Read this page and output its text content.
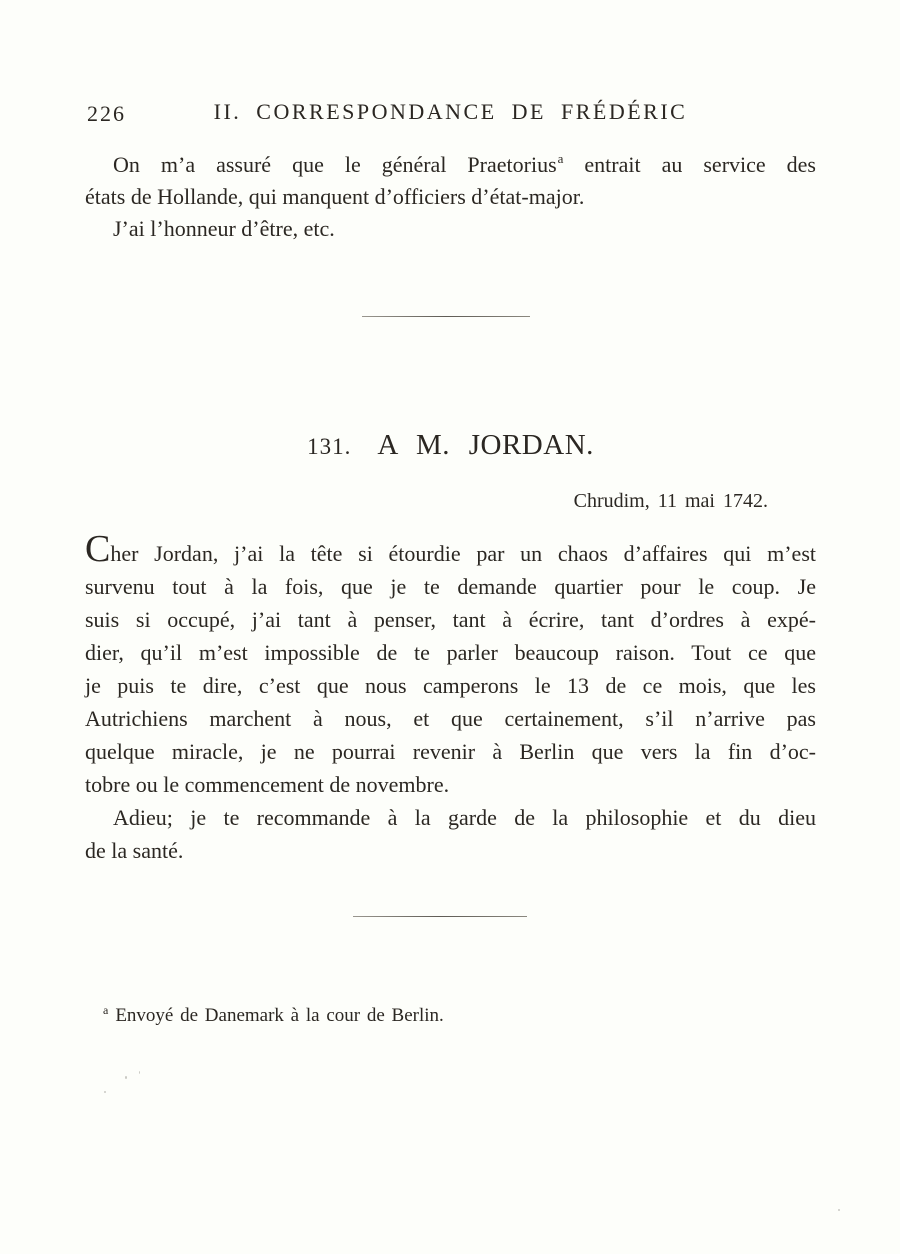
226	II. CORRESPONDANCE DE FRÉDÉRIC
On m’a assuré que le général Praetorius$^a$ entrait au service des
états de Hollande, qui manquent d’officiers d’état-major.
J’ai l’honneur d’être, etc.
131. A M. JORDAN.
Chrudim, 11 mai 1742.
Cher Jordan, j’ai la tête si étourdie par un chaos d’affaires qui m’est
survenu tout à la fois, que je te demande quartier pour le coup. Je
suis si occupé, j’ai tant à penser, tant à écrire, tant d’ordres à expé-
dier, qu’il m’est impossible de te parler beaucoup raison. Tout ce que
je puis te dire, c’est que nous camperons le 13 de ce mois, que les
Autrichiens marchent à nous, et que certainement, s’il n’arrive pas
quelque miracle, je ne pourrai revenir à Berlin que vers la fin d’oc-
tobre ou le commencement de novembre.
Adieu; je te recommande à la garde de la philosophie et du dieu
de la santé.
$^a$ Envoyé de Danemark à la cour de Berlin.
